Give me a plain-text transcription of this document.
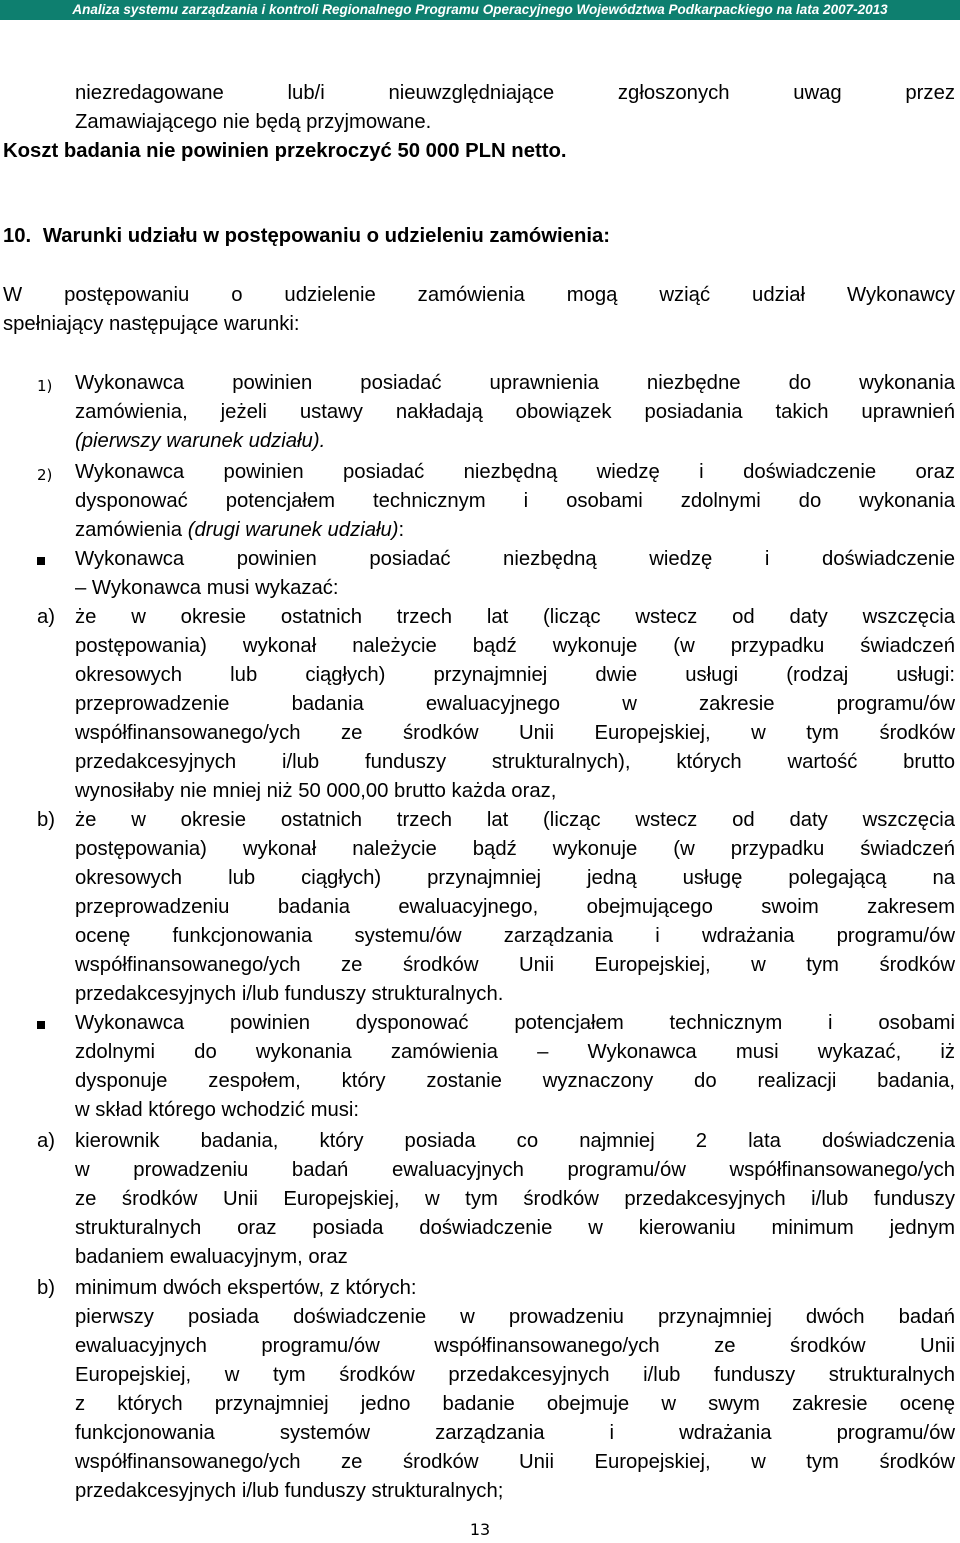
Analiza systemu zarządzania i kontroli Regionalnego Programu Operacyjnego Województwa Podkarpackiego na lata 2007-2013
niezredagowane lub/i nieuwzględniające zgłoszonych uwag przez
Zamawiającego nie będą przyjmowane.
Koszt badania nie powinien przekroczyć 50 000 PLN netto.
10. Warunki udziału w postępowaniu o udzieleniu zamówienia:
W postępowaniu o udzielenie zamówienia mogą wziąć udział Wykonawcy
spełniający następujące warunki:
1) Wykonawca powinien posiadać uprawnienia niezbędne do wykonania
zamówienia, jeżeli ustawy nakładają obowiązek posiadania takich uprawnień
(pierwszy warunek udziału).
2) Wykonawca powinien posiadać niezbędną wiedzę i doświadczenie oraz
dysponować potencjałem technicznym i osobami zdolnymi do wykonania
zamówienia (drugi warunek udziału):
Wykonawca powinien posiadać niezbędną wiedzę i doświadczenie
– Wykonawca musi wykazać:
a) że w okresie ostatnich trzech lat (licząc wstecz od daty wszczęcia
postępowania) wykonał należycie bądź wykonuje (w przypadku świadczeń
okresowych lub ciągłych) przynajmniej dwie usługi (rodzaj usługi:
przeprowadzenie badania ewaluacyjnego w zakresie programu/ów
współfinansowanego/ych ze środków Unii Europejskiej, w tym środków
przedakcesyjnych i/lub funduszy strukturalnych), których wartość brutto
wynosiłaby nie mniej niż 50 000,00 brutto każda oraz,
b) że w okresie ostatnich trzech lat (licząc wstecz od daty wszczęcia
postępowania) wykonał należycie bądź wykonuje (w przypadku świadczeń
okresowych lub ciągłych) przynajmniej jedną usługę polegającą na
przeprowadzeniu badania ewaluacyjnego, obejmującego swoim zakresem
ocenę funkcjonowania systemu/ów zarządzania i wdrażania programu/ów
współfinansowanego/ych ze środków Unii Europejskiej, w tym środków
przedakcesyjnych i/lub funduszy strukturalnych.
Wykonawca powinien dysponować potencjałem technicznym i osobami
zdolnymi do wykonania zamówienia – Wykonawca musi wykazać, iż
dysponuje zespołem, który zostanie wyznaczony do realizacji badania,
w skład którego wchodzić musi:
a) kierownik badania, który posiada co najmniej 2 lata doświadczenia
w prowadzeniu badań ewaluacyjnych programu/ów współfinansowanego/ych
ze środków Unii Europejskiej, w tym środków przedakcesyjnych i/lub funduszy
strukturalnych oraz posiada doświadczenie w kierowaniu minimum jednym
badaniem ewaluacyjnym, oraz
b) minimum dwóch ekspertów, z których:
pierwszy posiada doświadczenie w prowadzeniu przynajmniej dwóch badań
ewaluacyjnych programu/ów współfinansowanego/ych ze środków Unii
Europejskiej, w tym środków przedakcesyjnych i/lub funduszy strukturalnych
z których przynajmniej jedno badanie obejmuje w swym zakresie ocenę
funkcjonowania systemów zarządzania i wdrażania programu/ów
współfinansowanego/ych ze środków Unii Europejskiej, w tym środków
przedakcesyjnych i/lub funduszy strukturalnych;
13
